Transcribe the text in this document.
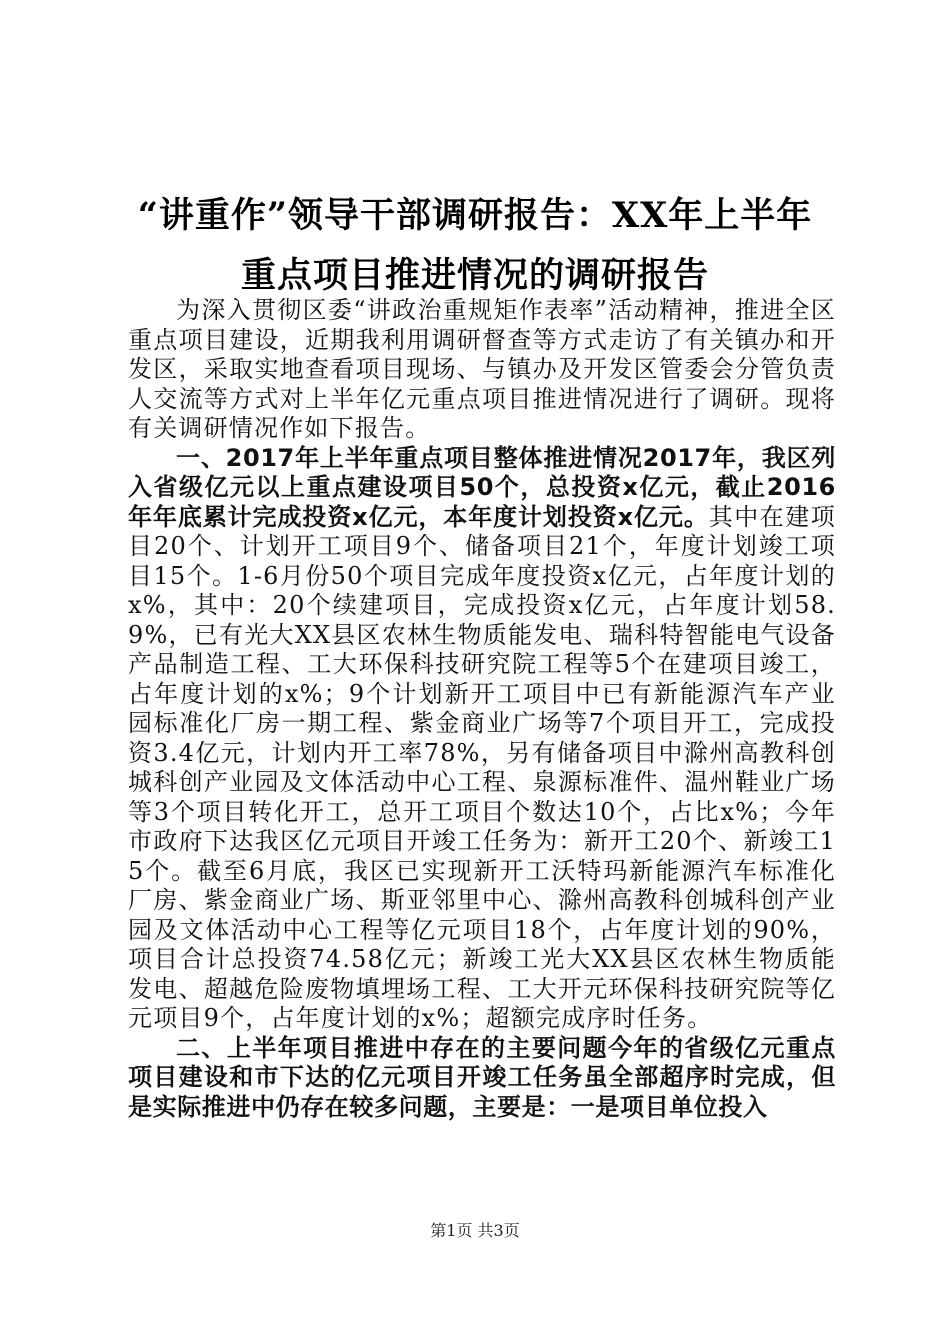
“讲重作”领导干部调研报告：XX年上半年
重点项目推进情况的调研报告

为深入贯彻区委“讲政治重规矩作表率”活动精神，推进全区重点项目建设，近期我利用调研督查等方式走访了有关镇办和开发区，采取实地查看项目现场、与镇办及开发区管委会分管负责人交流等方式对上半年亿元重点项目推进情况进行了调研。现将有关调研情况作如下报告。

一、2017年上半年重点项目整体推进情况2017年，我区列入省级亿元以上重点建设项目50个，总投资x亿元，截止2016年年底累计完成投资x亿元，本年度计划投资x亿元。其中在建项目20个、计划开工项目9个、储备项目21个，年度计划竣工项目15个。1-6月份50个项目完成年度投资x亿元，占年度计划的x%，其中：20个续建项目，完成投资x亿元，占年度计划58.9%，已有光大XX县区农林生物质能发电、瑞科特智能电气设备产品制造工程、工大环保科技研究院工程等5个在建项目竣工，占年度计划的x%；9个计划新开工项目中已有新能源汽车产业园标准化厂房一期工程、紫金商业广场等7个项目开工，完成投资3.4亿元，计划内开工率78%，另有储备项目中滁州高教科创城科创产业园及文体活动中心工程、泉源标准件、温州鞋业广场等3个项目转化开工，总开工项目个数达10个，占比x%；今年市政府下达我区亿元项目开竣工任务为：新开工20个、新竣工15个。截至6月底，我区已实现新开工沃特玛新能源汽车标准化厂房、紫金商业广场、斯亚邻里中心、滁州高教科创城科创产业园及文体活动中心工程等亿元项目18个，占年度计划的90%，项目合计总投资74.58亿元；新竣工光大XX县区农林生物质能发电、超越危险废物填埋场工程、工大开元环保科技研究院等亿元项目9个，占年度计划的x%；超额完成序时任务。

二、上半年项目推进中存在的主要问题今年的省级亿元重点项目建设和市下达的亿元项目开竣工任务虽全部超序时完成，但是实际推进中仍存在较多问题，主要是：一是项目单位投入

第1页 共3页
